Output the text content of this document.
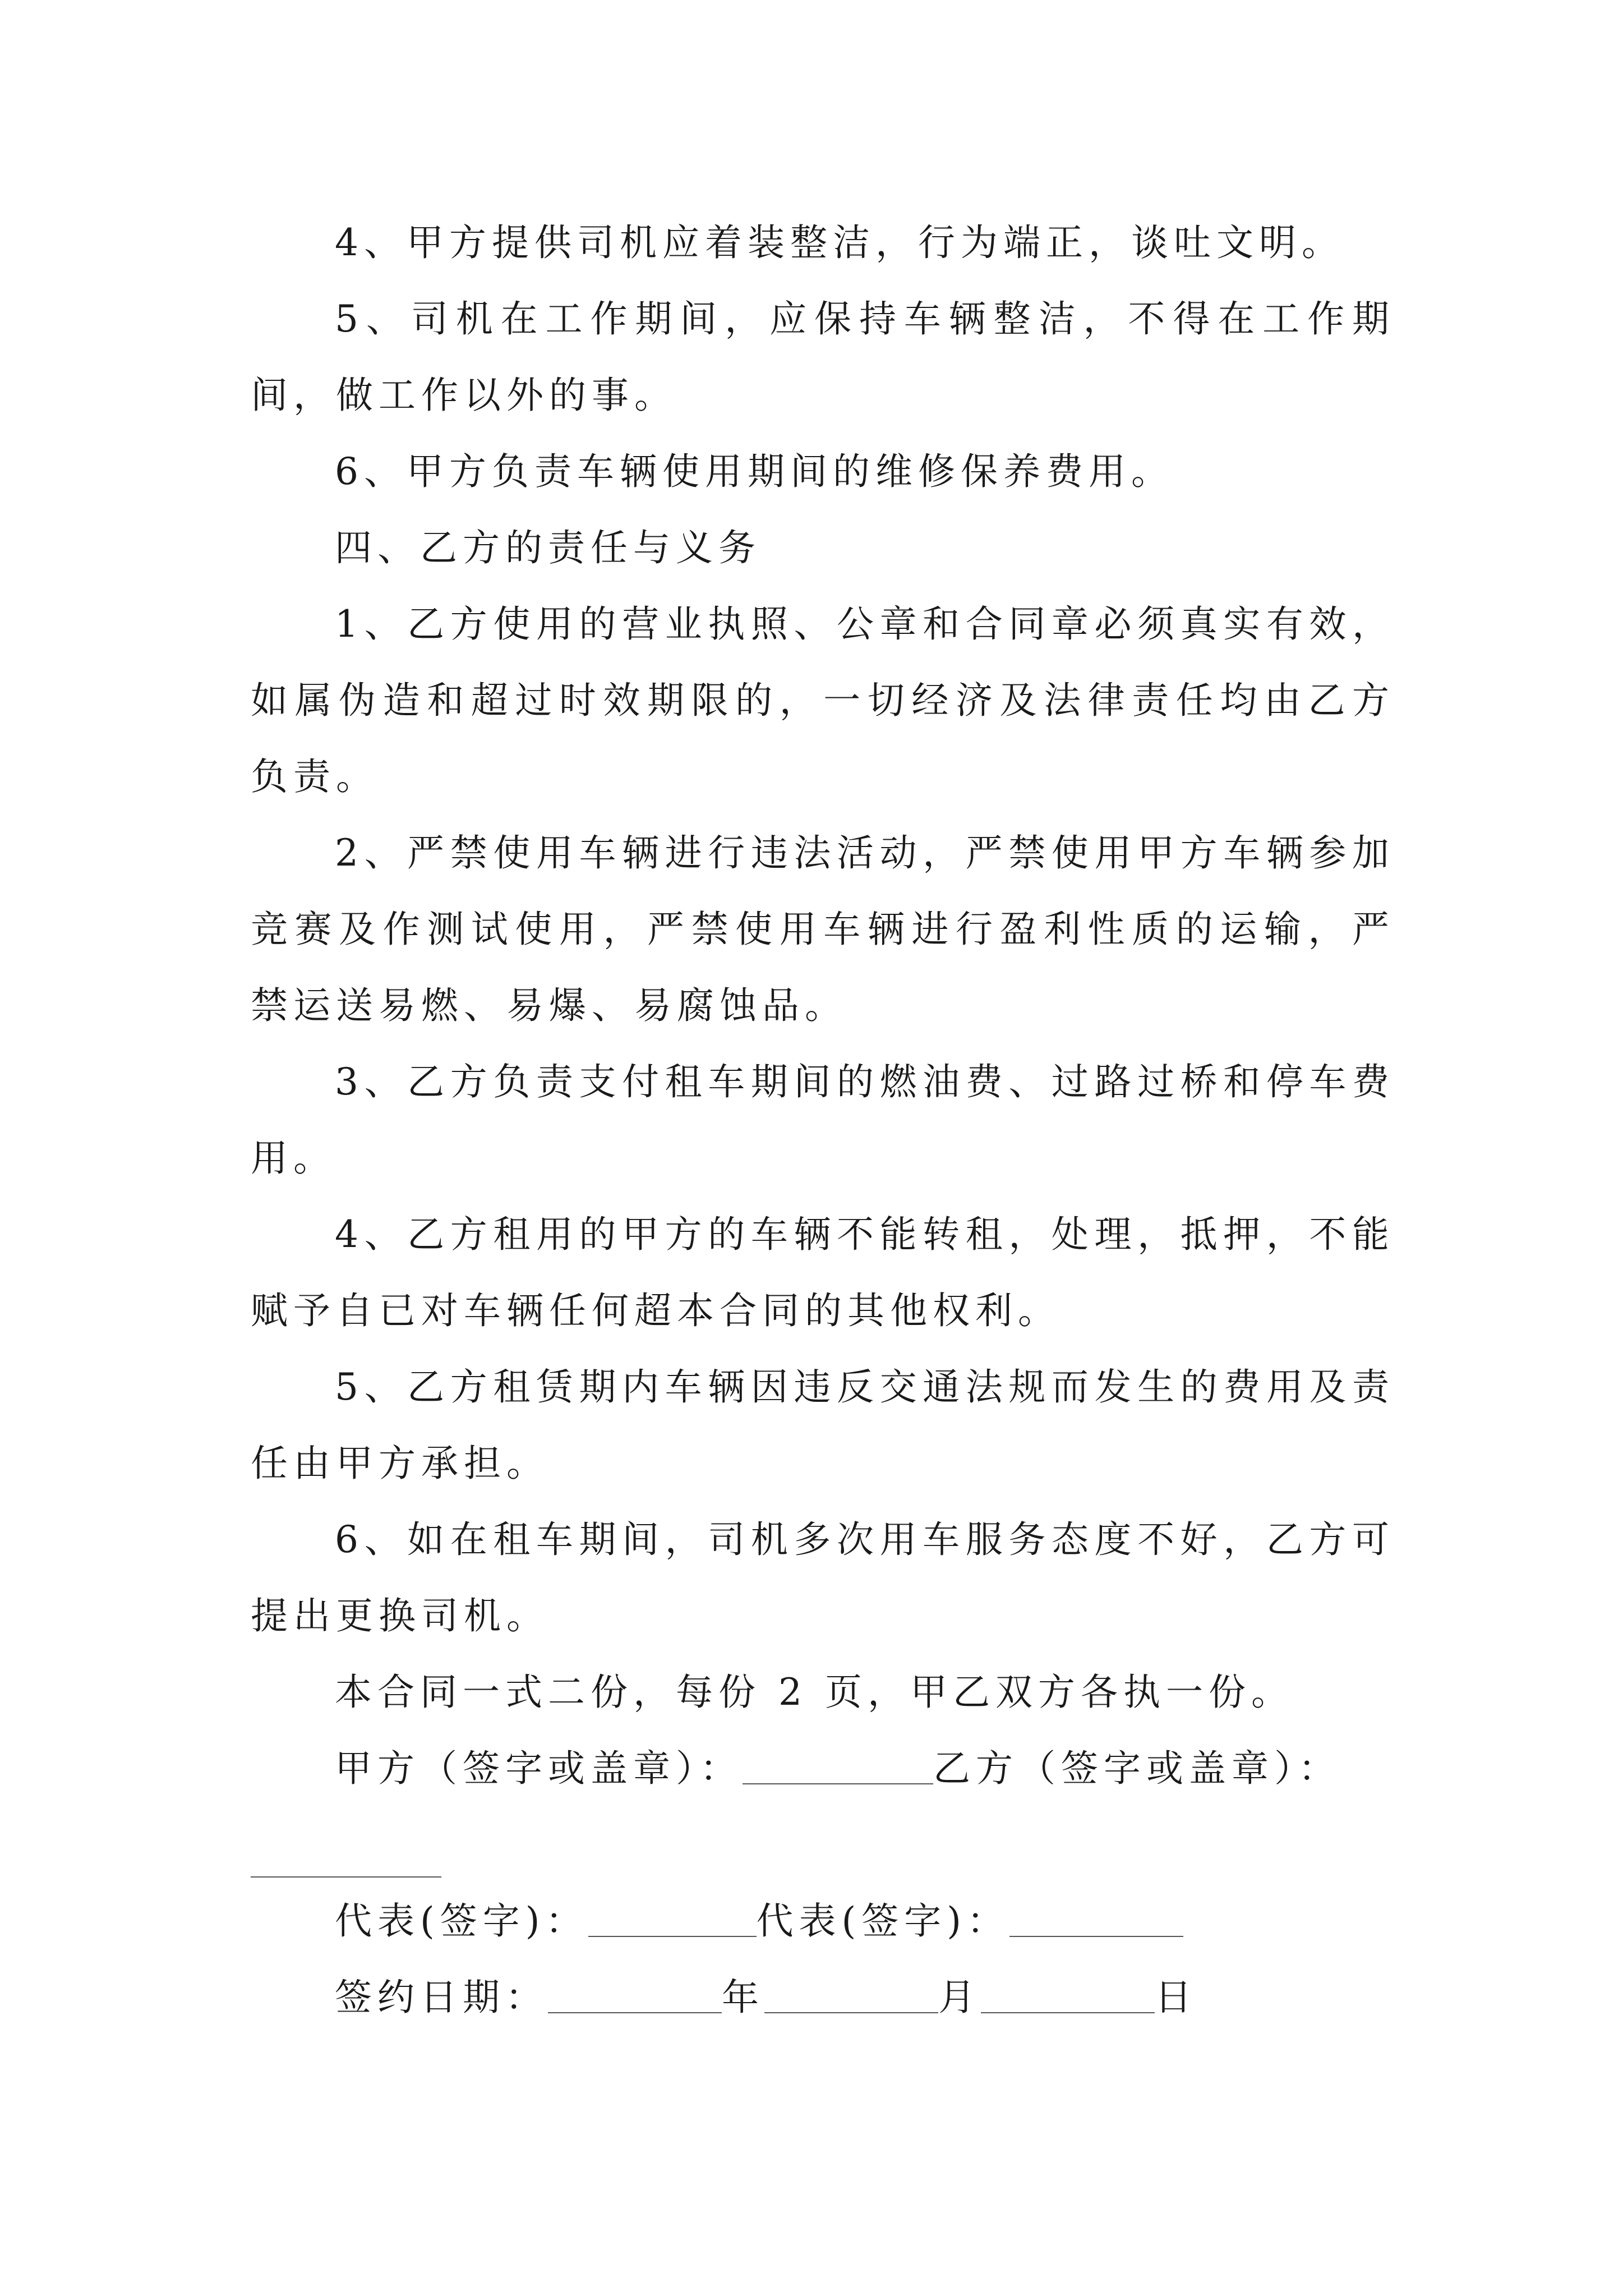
4、甲方提供司机应着装整洁，行为端正，谈吐文明。

5、司机在工作期间，应保持车辆整洁，不得在工作期间，做工作以外的事。

6、甲方负责车辆使用期间的维修保养费用。

四、乙方的责任与义务

1、乙方使用的营业执照、公章和合同章必须真实有效，如属伪造和超过时效期限的，一切经济及法律责任均由乙方负责。

2、严禁使用车辆进行违法活动，严禁使用甲方车辆参加竞赛及作测试使用，严禁使用车辆进行盈利性质的运输，严禁运送易燃、易爆、易腐蚀品。

3、乙方负责支付租车期间的燃油费、过路过桥和停车费用。

4、乙方租用的甲方的车辆不能转租，处理，抵押，不能赋予自已对车辆任何超本合同的其他权利。

5、乙方租赁期内车辆因违反交通法规而发生的费用及责任由甲方承担。

6、如在租车期间，司机多次用车服务态度不好，乙方可提出更换司机。

本合同一式二份，每份 2 页，甲乙双方各执一份。

甲方（签字或盖章）：	乙方（签字或盖章）：

代表(签字)：	代表(签字)：

签约日期：	年	月	日
